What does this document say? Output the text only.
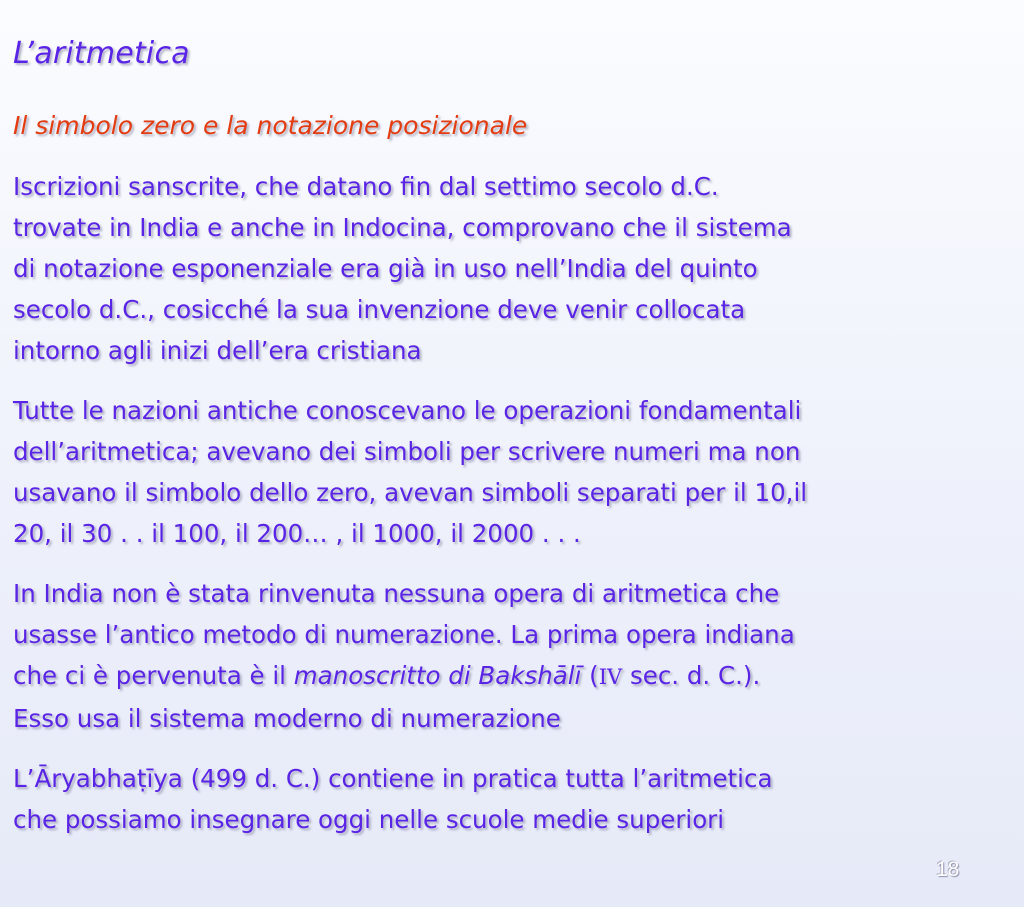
L’aritmetica
Il simbolo zero e la notazione posizionale

Iscrizioni sanscrite, che datano fin dal settimo secolo d.C.
trovate in India e anche in Indocina, comprovano che il sistema
di notazione esponenziale era già in uso nell’India del quinto
secolo d.C., cosicché la sua invenzione deve venir collocata
intorno agli inizi dell’era cristiana

Tutte le nazioni antiche conoscevano le operazioni fondamentali
dell’aritmetica; avevano dei simboli per scrivere numeri ma non
usavano il simbolo dello zero, avevan simboli separati per il 10,il
20, il 30 . . il 100, il 200… , il 1000, il 2000 . . .

In India non è stata rinvenuta nessuna opera di aritmetica che
usasse l’antico metodo di numerazione. La prima opera indiana
che ci è pervenuta è il manoscritto di Bakshālī (IV sec. d. C.).
Esso usa il sistema moderno di numerazione

L’Āryabhaṭīya (499 d. C.) contiene in pratica tutta l’aritmetica
che possiamo insegnare oggi nelle scuole medie superiori

18
